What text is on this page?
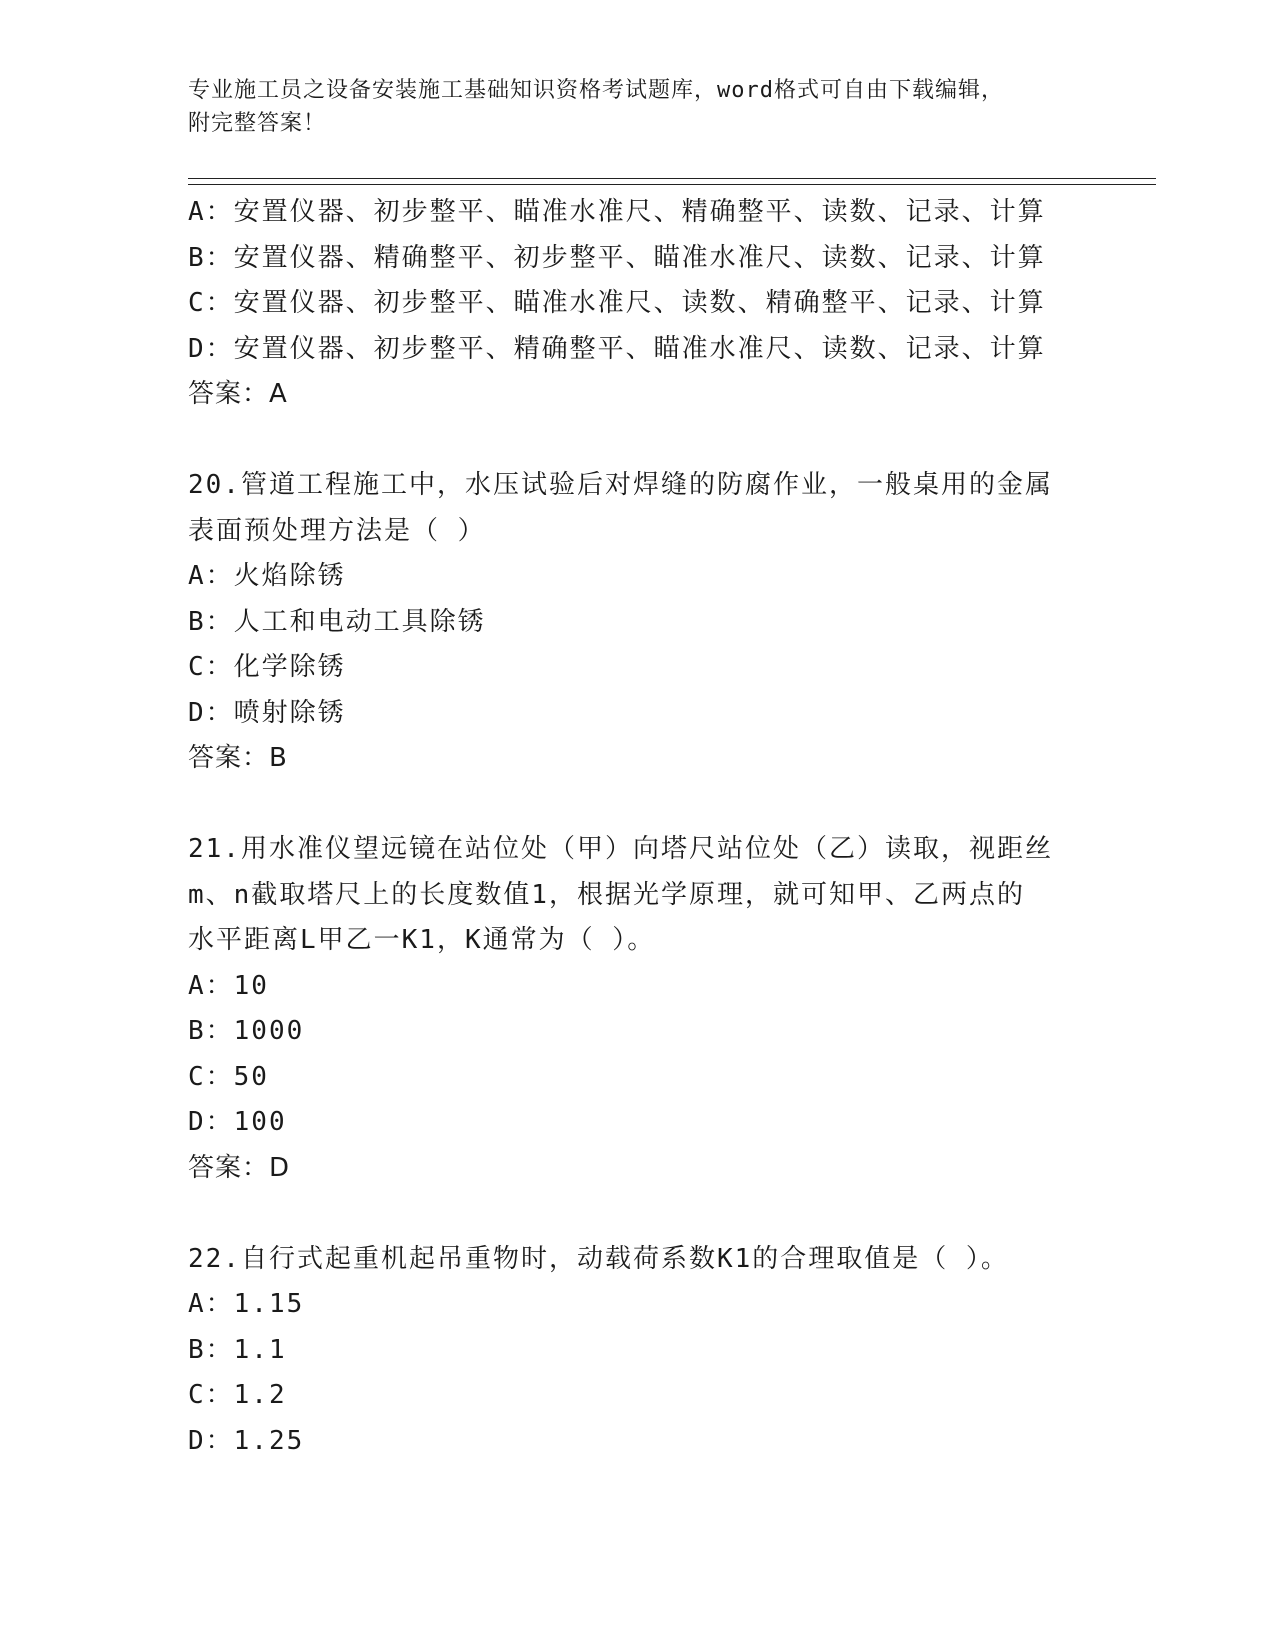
专业施工员之设备安装施工基础知识资格考试题库，word格式可自由下载编辑，
附完整答案！
A：安置仪器、初步整平、瞄准水准尺、精确整平、读数、记录、计算
B：安置仪器、精确整平、初步整平、瞄准水准尺、读数、记录、计算
C：安置仪器、初步整平、瞄准水准尺、读数、精确整平、记录、计算
D：安置仪器、初步整平、精确整平、瞄准水准尺、读数、记录、计算
答案：A
20.管道工程施工中，水压试验后对焊缝的防腐作业，一般桌用的金属
表面预处理方法是（ ）
A：火焰除锈
B：人工和电动工具除锈
C：化学除锈
D：喷射除锈
答案：B
21.用水准仪望远镜在站位处（甲）向塔尺站位处（乙）读取，视距丝
m、n截取塔尺上的长度数值1，根据光学原理，就可知甲、乙两点的
水平距离L甲乙一K1，K通常为（ ）。
A：10
B：1000
C：50
D：100
答案：D
22.自行式起重机起吊重物时，动载荷系数K1的合理取值是（ ）。
A：1.15
B：1.1
C：1.2
D：1.25
